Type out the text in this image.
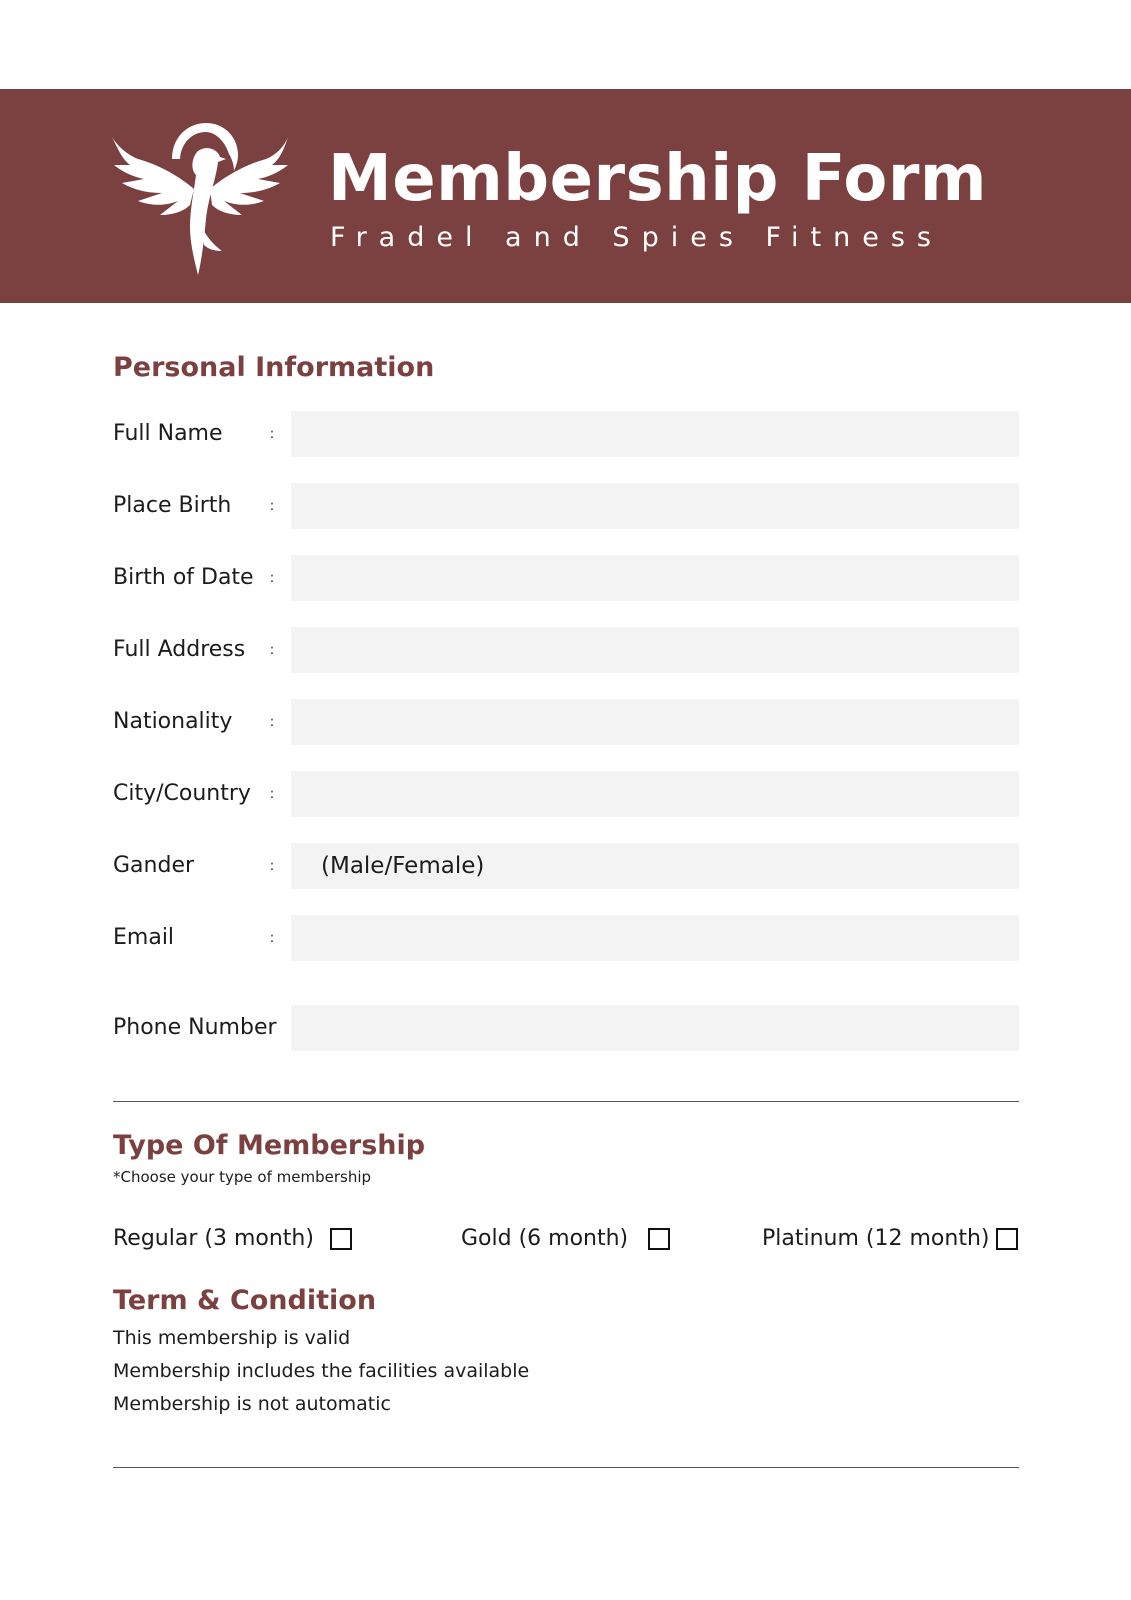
Membership Form
Fradel and Spies Fitness
Personal Information
Full Name	:
Place Birth	:
Birth of Date :
Full Address :
Nationality	:
City/Country :
Gander	:
(Male/Female)
Email	:
Phone Number
Type Of Membership
*Choose your type of membership
Regular (3 month)	Gold (6 month)	Platinum (12 month)
Term & Condition
This membership is valid
Membership includes the facilities available
Membership is not automatic
